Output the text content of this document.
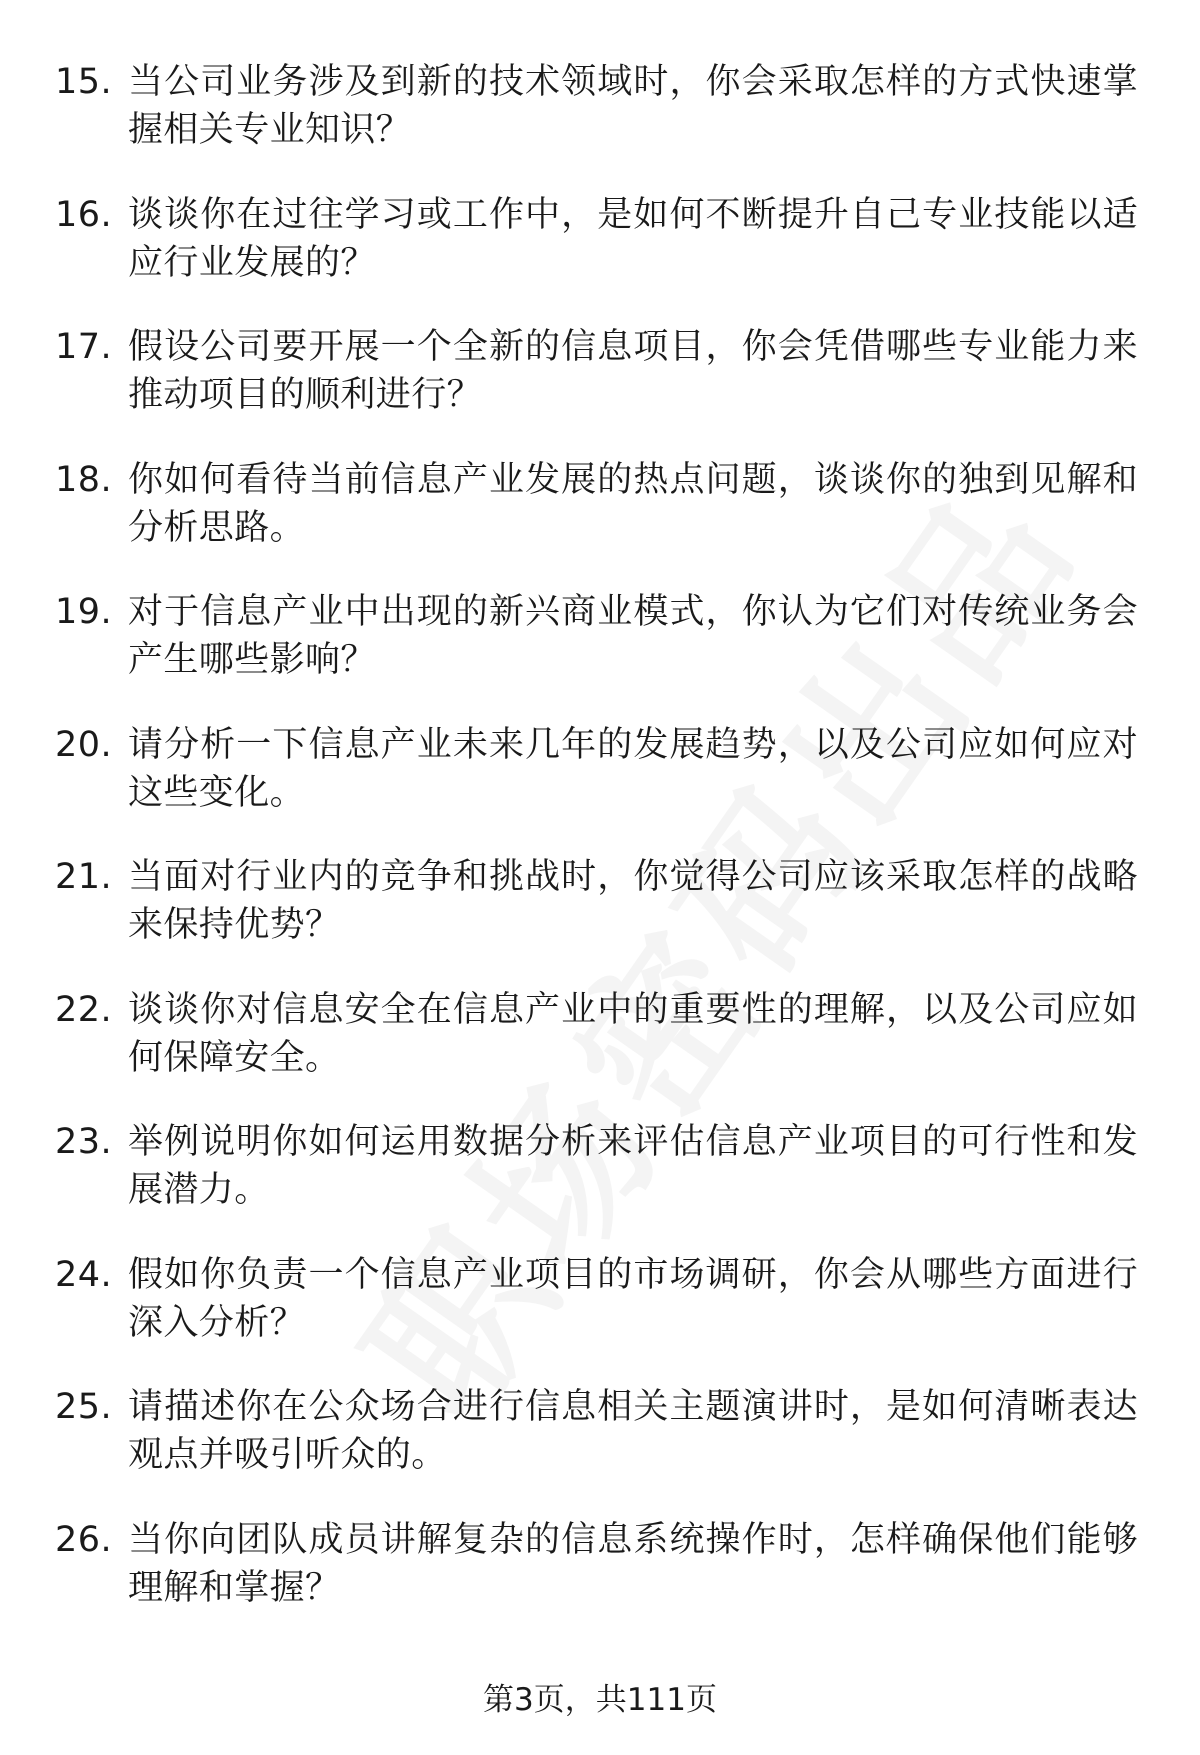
15. 当公司业务涉及到新的技术领域时，你会采取怎样的方式快速掌握相关专业知识？
16. 谈谈你在过往学习或工作中，是如何不断提升自己专业技能以适应行业发展的？
17. 假设公司要开展一个全新的信息项目，你会凭借哪些专业能力来推动项目的顺利进行？
18. 你如何看待当前信息产业发展的热点问题，谈谈你的独到见解和分析思路。
19. 对于信息产业中出现的新兴商业模式，你认为它们对传统业务会产生哪些影响？
20. 请分析一下信息产业未来几年的发展趋势，以及公司应如何应对这些变化。
21. 当面对行业内的竞争和挑战时，你觉得公司应该采取怎样的战略来保持优势？
22. 谈谈你对信息安全在信息产业中的重要性的理解，以及公司应如何保障安全。
23. 举例说明你如何运用数据分析来评估信息产业项目的可行性和发展潜力。
24. 假如你负责一个信息产业项目的市场调研，你会从哪些方面进行深入分析？
25. 请描述你在公众场合进行信息相关主题演讲时，是如何清晰表达观点并吸引听众的。
26. 当你向团队成员讲解复杂的信息系统操作时，怎样确保他们能够理解和掌握？
第3页，共111页
